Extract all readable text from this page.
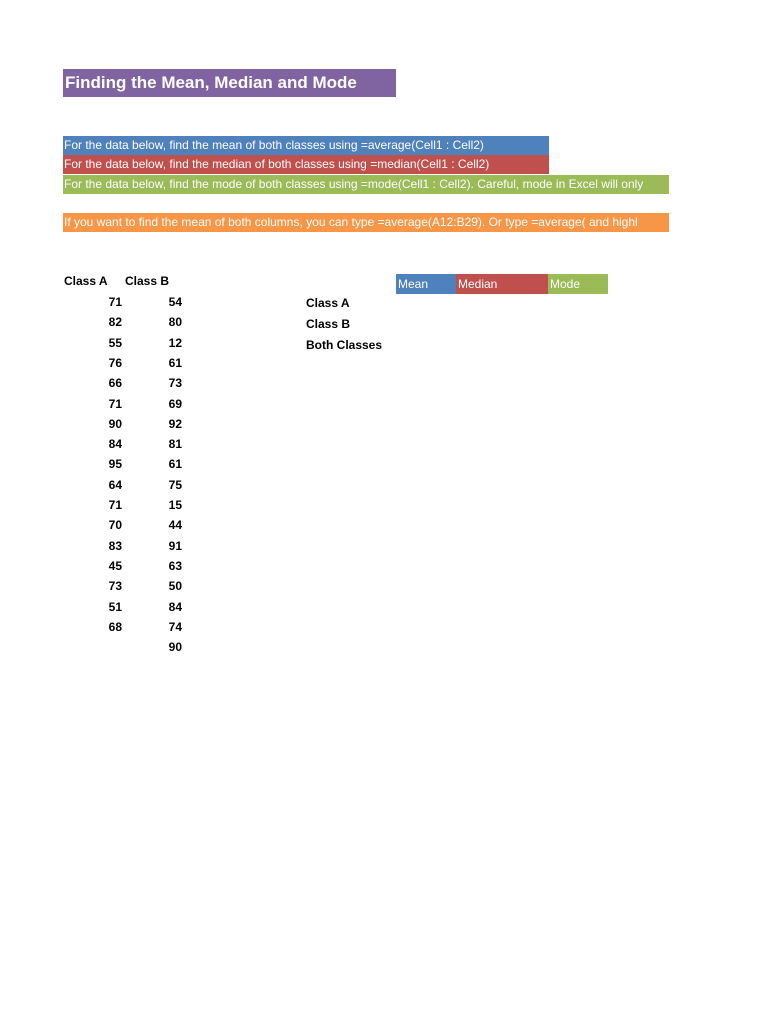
Finding the Mean, Median and Mode
For the data below, find the mean of both classes using =average(Cell1 : Cell2)
For the data below, find the median of both classes using =median(Cell1 : Cell2)
For the data below, find the mode of both classes using =mode(Cell1 : Cell2). Careful, mode in Excel will only
If you want to find the mean of both columns, you can type =average(A12:B29). Or type =average( and highl
Class A Class B
71
82
55
76
66
71
90
84
95
64
71
70
83
45
73
51
68
54
80
12
61
73
69
92
81
61
75
15
44
91
63
50
84
74
90
Mean	Median	Mode
Class A
Class B
Both Classes
